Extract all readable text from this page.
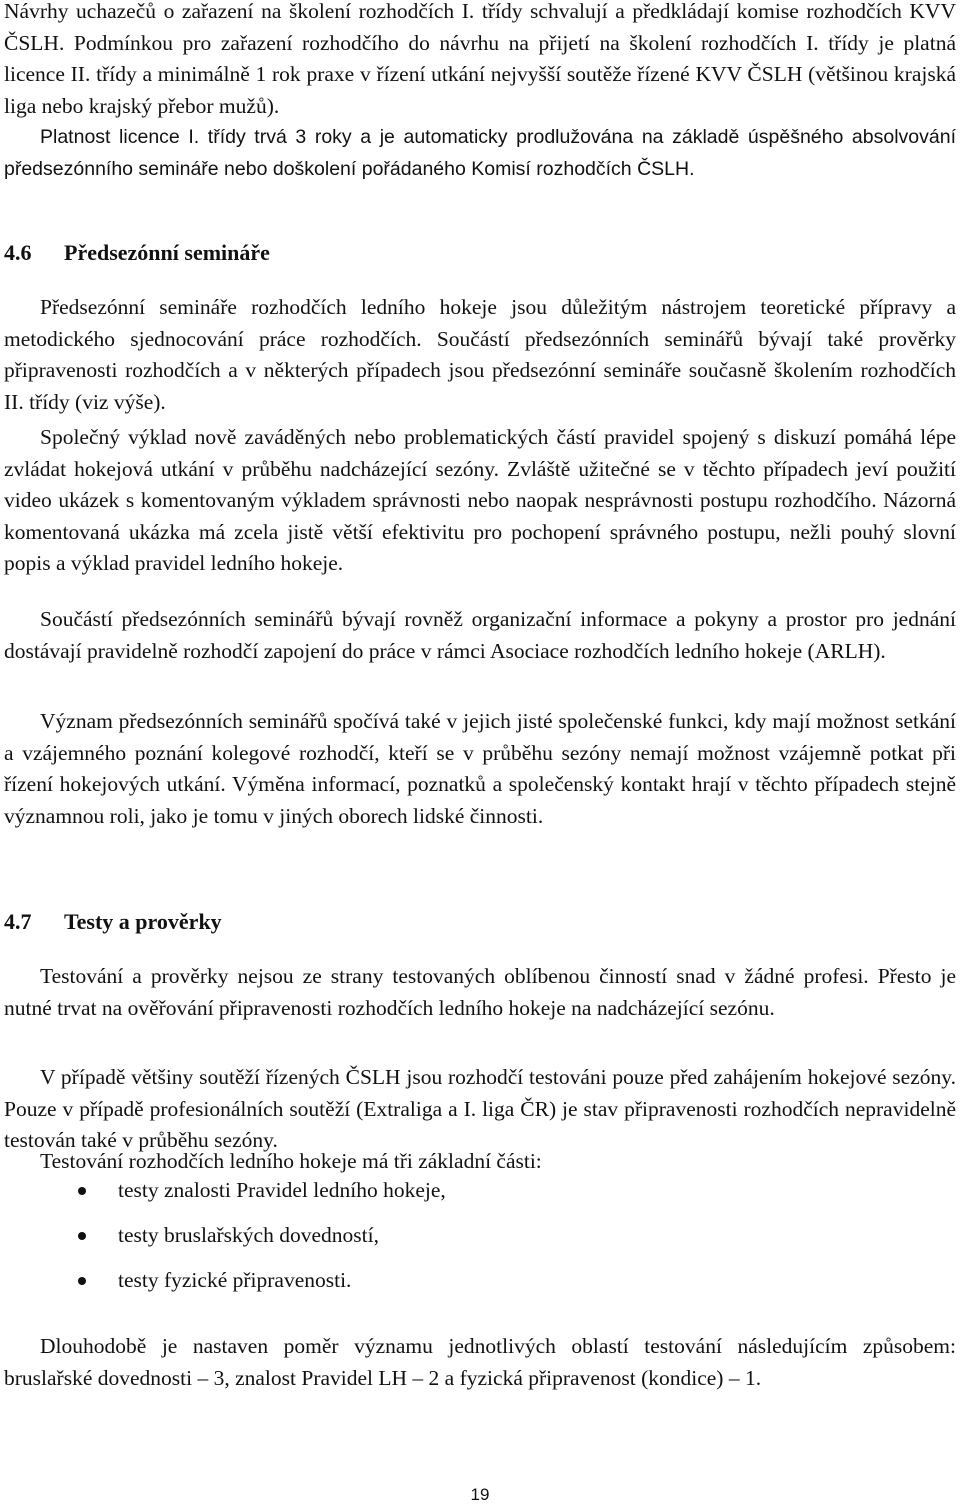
Návrhy uchazečů o zařazení na školení rozhodčích I. třídy schvalují a předkládají komise rozhodčích KVV ČSLH. Podmínkou pro zařazení rozhodčího do návrhu na přijetí na školení rozhodčích I. třídy je platná licence II. třídy a minimálně 1 rok praxe v řízení utkání nejvyšší soutěže řízené KVV ČSLH (většinou krajská liga nebo krajský přebor mužů).

Platnost licence I. třídy trvá 3 roky a je automaticky prodlužována na základě úspěšného absolvování předsezónního semináře nebo doškolení pořádaného Komisí rozhodčích ČSLH.

4.6 Předsezónní semináře

Předsezónní semináře rozhodčích ledního hokeje jsou důležitým nástrojem teoretické přípravy a metodického sjednocování práce rozhodčích. Součástí předsezónních seminářů bývají také prověrky připravenosti rozhodčích a v některých případech jsou předsezónní semináře současně školením rozhodčích II. třídy (viz výše).

Společný výklad nově zaváděných nebo problematických částí pravidel spojený s diskuzí pomáhá lépe zvládat hokejová utkání v průběhu nadcházející sezóny. Zvláště užitečné se v těchto případech jeví použití video ukázek s komentovaným výkladem správnosti nebo naopak nesprávnosti postupu rozhodčího. Názorná komentovaná ukázka má zcela jistě větší efektivitu pro pochopení správného postupu, nežli pouhý slovní popis a výklad pravidel ledního hokeje.

Součástí předsezónních seminářů bývají rovněž organizační informace a pokyny a prostor pro jednání dostávají pravidelně rozhodčí zapojení do práce v rámci Asociace rozhodčích ledního hokeje (ARLH).

Význam předsezónních seminářů spočívá také v jejich jisté společenské funkci, kdy mají možnost setkání a vzájemného poznání kolegové rozhodčí, kteří se v průběhu sezóny nemají možnost vzájemně potkat při řízení hokejových utkání. Výměna informací, poznatků a společenský kontakt hrají v těchto případech stejně významnou roli, jako je tomu v jiných oborech lidské činnosti.

4.7 Testy a prověrky

Testování a prověrky nejsou ze strany testovaných oblíbenou činností snad v žádné profesi. Přesto je nutné trvat na ověřování připravenosti rozhodčích ledního hokeje na nadcházející sezónu.

V případě většiny soutěží řízených ČSLH jsou rozhodčí testováni pouze před zahájením hokejové sezóny. Pouze v případě profesionálních soutěží (Extraliga a I. liga ČR) je stav připravenosti rozhodčích nepravidelně testován také v průběhu sezóny.

Testování rozhodčích ledního hokeje má tři základní části:

testy znalosti Pravidel ledního hokeje,
testy bruslařských dovedností,
testy fyzické připravenosti.

Dlouhodobě je nastaven poměr významu jednotlivých oblastí testování následujícím způsobem: bruslařské dovednosti – 3, znalost Pravidel LH – 2 a fyzická připravenost (kondice) – 1.

19
